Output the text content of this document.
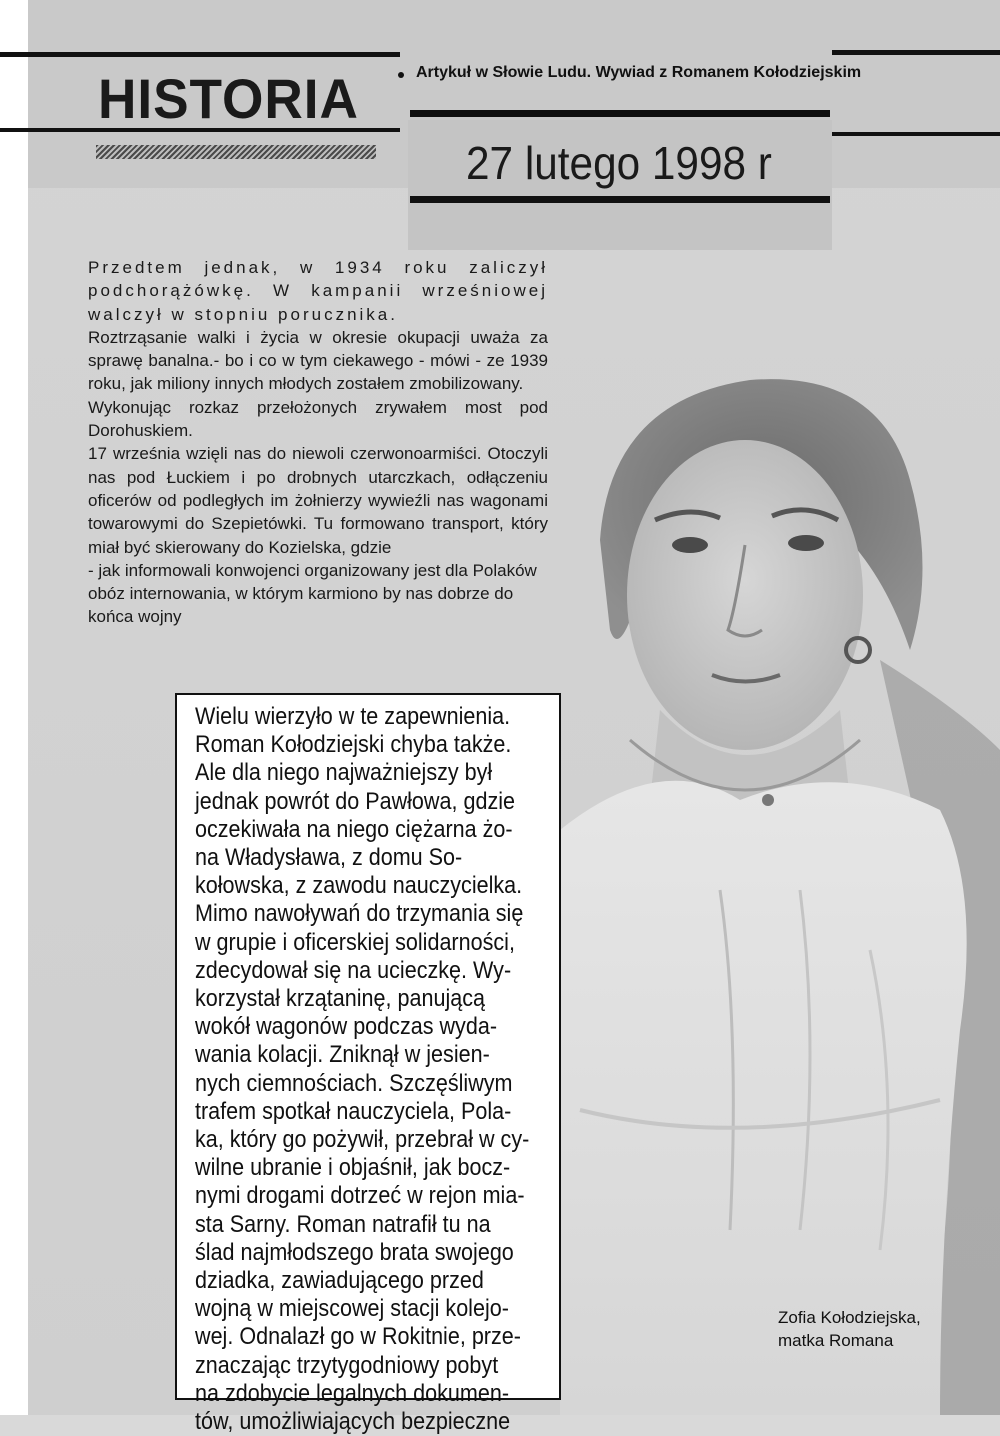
HISTORIA	Artykuł w Słowie Ludu. Wywiad z Romanem Kołodziejskim
27 lutego 1998 r

Przedtem jednak, w 1934 roku zaliczył podchorążówkę. W kampanii wrześniowej walczył w stopniu porucznika.

Roztrząsanie walki i życia w okresie okupacji uważa za sprawę banalna.- bo i co w tym ciekawego - mówi - ze 1939 roku, jak miliony innych młodych zostałem zmobilizowany.

Wykonując rozkaz przełożonych zrywałem most pod Dorohuskiem.

17 września wzięli nas do niewoli czerwonoarmiści. Otoczyli nas pod Łuckiem i po drobnych utarczkach, odłączeniu oficerów od podległych im żołnierzy wywieźli nas wagonami towarowymi do Szepietówki. Tu formowano transport, który miał być skierowany do Kozielska, gdzie

- jak informowali konwojenci organizowany jest dla Polaków obóz internowania, w którym karmiono by nas dobrze do końca wojny

Wielu wierzyło w te zapewnienia.
Roman Kołodziejski chyba także.
Ale dla niego najważniejszy był
jednak powrót do Pawłowa, gdzie
oczekiwała na niego ciężarna żo-
na Władysława, z domu So-
kołowska, z zawodu nauczycielka.
Mimo nawoływań do trzymania się
w grupie i oficerskiej solidarności,
zdecydował się na ucieczkę. Wy-
korzystał krzątaninę, panującą
wokół wagonów podczas wyda-
wania kolacji. Zniknął w jesien-
nych ciemnościach. Szczęśliwym
trafem spotkał nauczyciela, Pola-
ka, który go pożywił, przebrał w cy-
wilne ubranie i objaśnił, jak bocz-
nymi drogami dotrzeć w rejon mia-
sta Sarny. Roman natrafił tu na
ślad najmłodszego brata swojego
dziadka, zawiadującego przed
wojną w miejscowej stacji kolejo-
wej. Odnalazł go w Rokitnie, prze-
znaczając trzytygodniowy pobyt
na zdobycie legalnych dokumen-
tów, umożliwiających bezpieczne
Zofia Kołodziejska,
matka Romana
